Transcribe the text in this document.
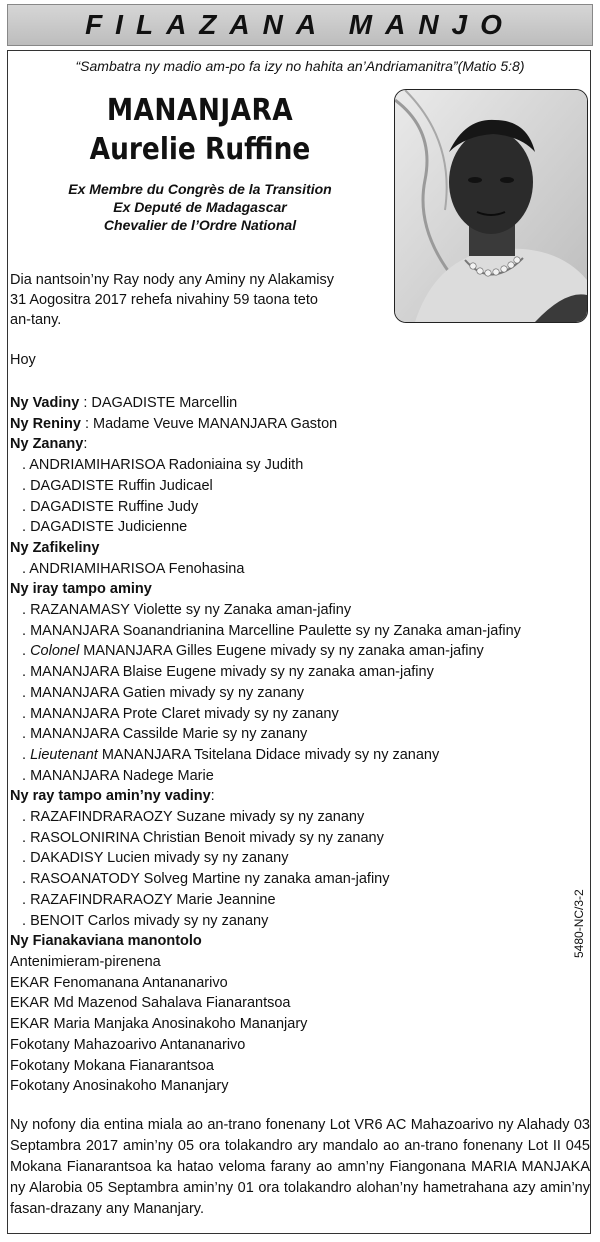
FILAZANA MANJO
“Sambatra ny madio am-po fa izy no hahita an’Andriamanitra”(Matio 5:8)
MANANJARA
Aurelie Ruffine
Ex Membre du Congrès de la Transition
Ex Deputé de Madagascar
Chevalier de l’Ordre National
Dia nantsoin’ny Ray nody any Aminy ny Alakamisy
31 Aogositra 2017 rehefa nivahiny 59 taona teto
an-tany.
Hoy
Ny Vadiny : DAGADISTE Marcellin
Ny Reniny : Madame Veuve MANANJARA Gaston
Ny Zanany:
. ANDRIAMIHARISOA Radoniaina sy Judith
. DAGADISTE Ruffin Judicael
. DAGADISTE Ruffine Judy
. DAGADISTE Judicienne
Ny Zafikeliny
. ANDRIAMIHARISOA Fenohasina
Ny iray tampo aminy
. RAZANAMASY Violette sy ny Zanaka aman-jafiny
. MANANJARA Soanandrianina Marcelline Paulette sy ny Zanaka aman-jafiny
. Colonel MANANJARA Gilles Eugene mivady sy ny zanaka aman-jafiny
. MANANJARA Blaise Eugene mivady sy ny zanaka aman-jafiny
. MANANJARA Gatien mivady sy ny zanany
. MANANJARA Prote Claret mivady sy ny zanany
. MANANJARA Cassilde Marie sy ny zanany
. Lieutenant MANANJARA Tsitelana Didace mivady sy ny zanany
. MANANJARA Nadege Marie
Ny ray tampo amin’ny vadiny:
. RAZAFINDRARAOZY Suzane mivady sy ny zanany
. RASOLONIRINA Christian Benoit mivady sy ny zanany
. DAKADISY Lucien mivady sy ny zanany
. RASOANATODY Solveg Martine ny zanaka aman-jafiny
. RAZAFINDRARAOZY Marie Jeannine
. BENOIT Carlos mivady sy ny zanany
Ny Fianakaviana manontolo
Antenimieram-pirenena
EKAR Fenomanana Antananarivo
EKAR Md Mazenod Sahalava Fianarantsoa
EKAR Maria Manjaka Anosinakoho Mananjary
Fokotany Mahazoarivo Antananarivo
Fokotany Mokana Fianarantsoa
Fokotany Anosinakoho Mananjary
5480-NC/3-2
Ny nofony dia entina miala ao an-trano fonenany Lot VR6 AC Mahazoarivo ny Alahady 03 Septambra 2017 amin’ny 05 ora tolakandro ary mandalo ao an-trano fonenany Lot II 045 Mokana Fianarantsoa ka hatao veloma farany ao amn’ny Fiangonana MARIA MANJAKA ny Alarobia 05 Septambra amin’ny 01 ora tolakandro alohan’ny hametrahana azy amin’ny fasan-drazany any Mananjary.
